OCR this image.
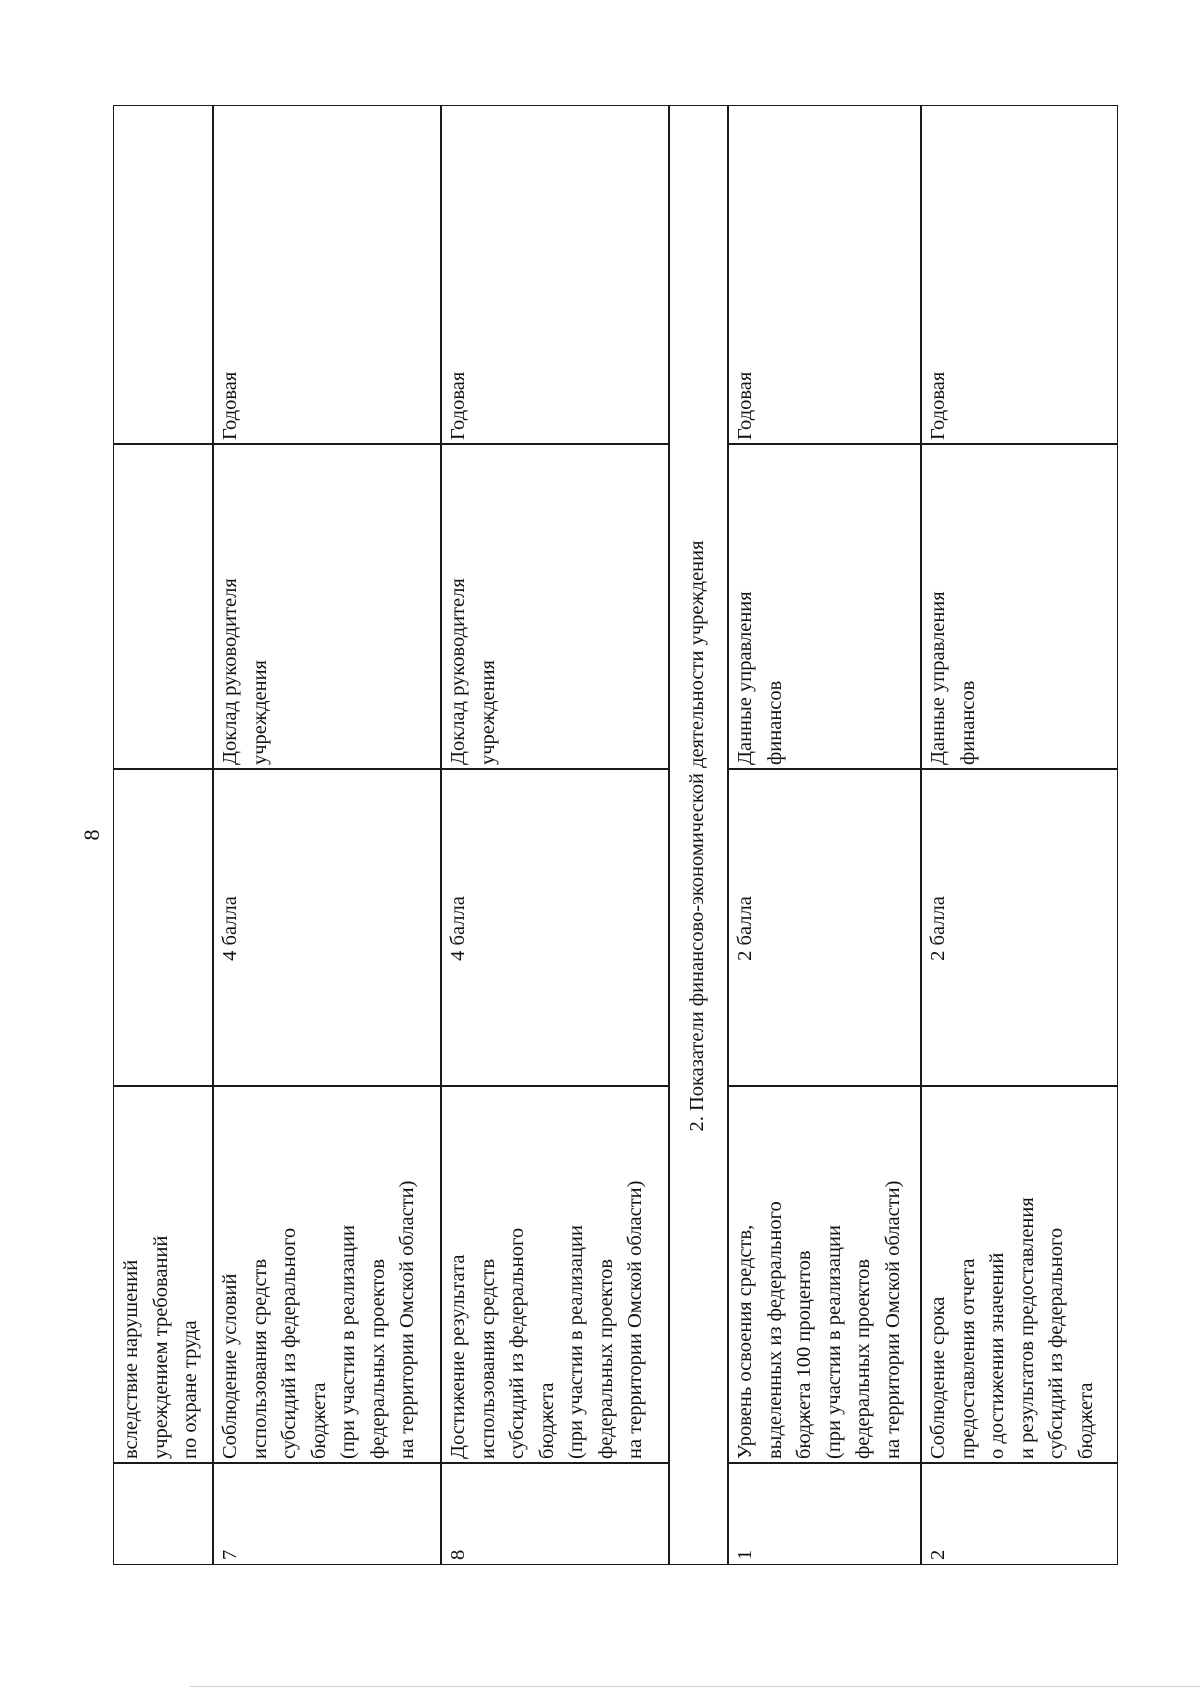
8
вследствие нарушений
учреждением требований
по охране труда
7
Соблюдение условий
использования средств
субсидий из федерального
бюджета
(при участии в реализации
федеральных проектов
на территории Омской области)
4 балла
Доклад руководителя
учреждения
Годовая
8
Достижение результата
использования средств
субсидий из федерального
бюджета
(при участии в реализации
федеральных проектов
на территории Омской области)
4 балла
Доклад руководителя
учреждения
Годовая
2. Показатели финансово-экономической деятельности учреждения
1
Уровень освоения средств,
выделенных из федерального
бюджета 100 процентов
(при участии в реализации
федеральных проектов
на территории Омской области)
2 балла
Данные управления
финансов
Годовая
2
Соблюдение срока
предоставления отчета
о достижении значений
и результатов предоставления
субсидий из федерального
бюджета
2 балла
Данные управления
финансов
Годовая
